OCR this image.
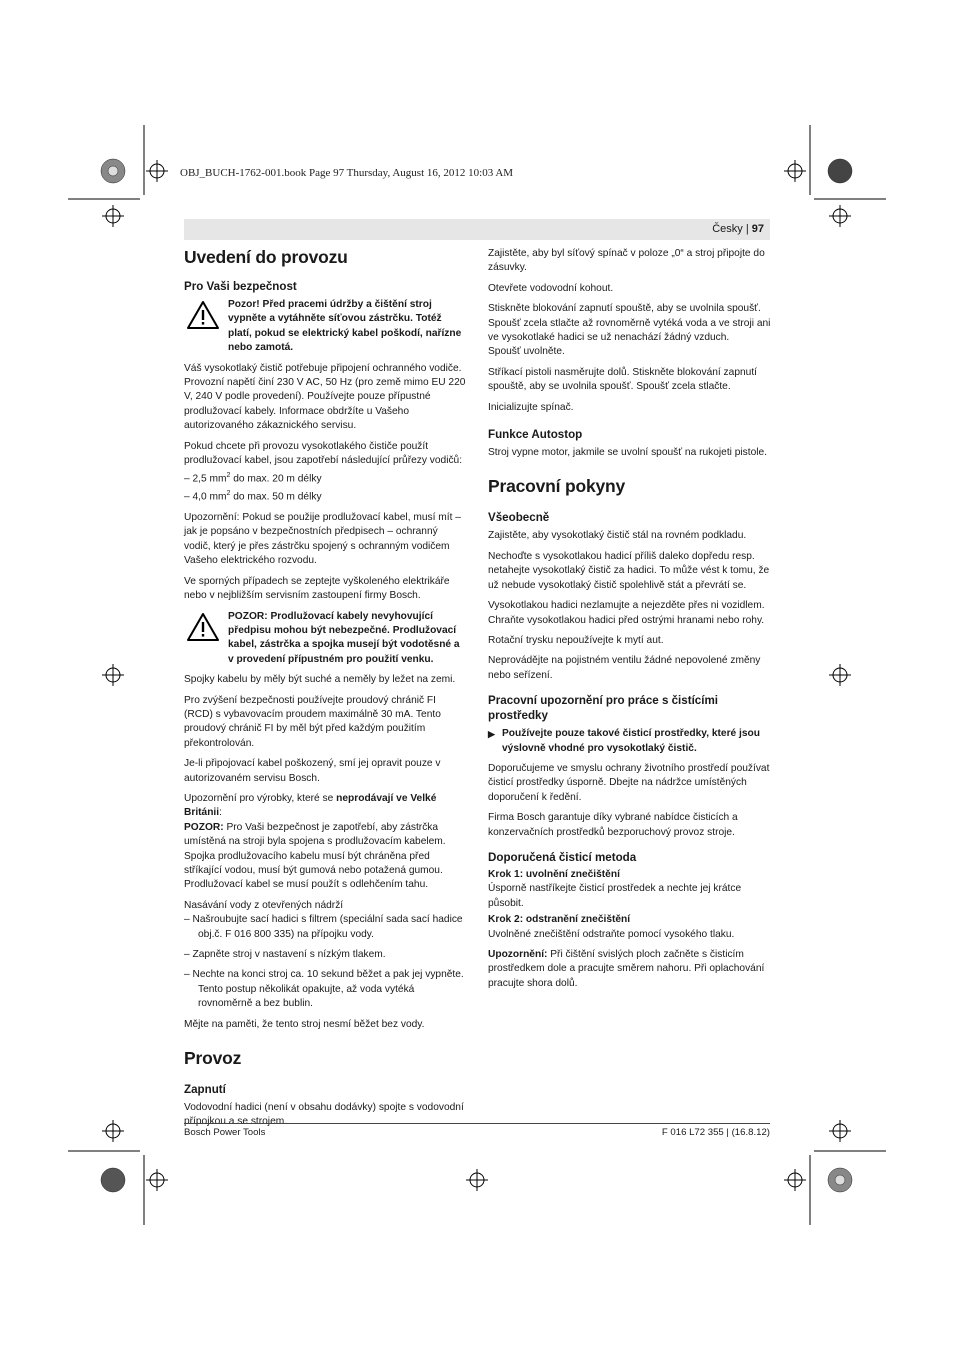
OBJ_BUCH-1762-001.book Page 97 Thursday, August 16, 2012 10:03 AM
Česky | 97
Uvedení do provozu
Pro Vaši bezpečnost
Pozor! Před pracemi údržby a čištění stroj vypněte a vytáhněte síťovou zástrčku. Totéž platí, pokud se elektrický kabel poškodí, nařízne nebo zamotá.

Váš vysokotlaký čistič potřebuje připojení ochranného vodiče. Provozní napětí činí 230 V AC, 50 Hz (pro země mimo EU 220 V, 240 V podle provedení). Používejte pouze přípustné prodlužovací kabely. Informace obdržíte u Vašeho autorizovaného zákaznického servisu.

Pokud chcete při provozu vysokotlakého čističe použít prodlužovací kabel, jsou zapotřebí následující průřezy vodičů:

– 2,5 $mm^2$ do max. 20 m délky
– 4,0 $mm^2$ do max. 50 m délky

Upozornění: Pokud se použije prodlužovací kabel, musí mít – jak je popsáno v bezpečnostních předpisech – ochranný vodič, který je přes zástrčku spojený s ochranným vodičem Vašeho elektrického rozvodu.

Ve sporných případech se zeptejte vyškoleného elektrikáře nebo v nejbližším servisním zastoupení firmy Bosch.

POZOR: Prodlužovací kabely nevyhovující předpisu mohou být nebezpečné. Prodlužovací kabel, zástrčka a spojka musejí být vodotěsné a v provedení přípustném pro použití venku.

Spojky kabelu by měly být suché a neměly by ležet na zemi.

Pro zvýšení bezpečnosti používejte proudový chránič FI (RCD) s vybavovacím proudem maximálně 30 mA. Tento proudový chránič FI by měl být před každým použitím překontrolován.

Je-li připojovací kabel poškozený, smí jej opravit pouze v autorizovaném servisu Bosch.

Upozornění pro výrobky, které se neprodávají ve Velké Británii:

POZOR: Pro Vaši bezpečnost je zapotřebí, aby zástrčka umístěná na stroji byla spojena s prodlužovacím kabelem. Spojka prodlužovacího kabelu musí být chráněna před stříkající vodou, musí být gumová nebo potažená gumou. Prodlužovací kabel se musí použít s odlehčením tahu.

Nasávání vody z otevřených nádrží

– Našroubujte sací hadici s filtrem (speciální sada sací hadice obj.č. F 016 800 335) na přípojku vody.

– Zapněte stroj v nastavení s nízkým tlakem.

– Nechte na konci stroj ca. 10 sekund běžet a pak jej vypněte. Tento postup několikát opakujte, až voda vytéká rovnoměrně a bez bublin.

Mějte na paměti, že tento stroj nesmí běžet bez vody.

Provoz
Zapnutí

Vodovodní hadici (není v obsahu dodávky) spojte s vodovodní přípojkou a se strojem.

Zajistěte, aby byl síťový spínač v poloze „0“ a stroj připojte do zásuvky.

Otevřete vodovodní kohout.

Stiskněte blokování zapnutí spouště, aby se uvolnila spoušť. Spoušť zcela stlačte až rovnoměrně vytéká voda a ve stroji ani ve vysokotlaké hadici se už nenachází žádný vzduch.

Spoušť uvolněte.

Stříkací pistoli nasměrujte dolů. Stiskněte blokování zapnutí spouště, aby se uvolnila spoušť. Spoušť zcela stlačte.

Inicializujte spínač.

Funkce Autostop

Stroj vypne motor, jakmile se uvolní spoušť na rukojeti pistole.

Pracovní pokyny
Všeobecně

Zajistěte, aby vysokotlaký čistič stál na rovném podkladu.

Nechoďte s vysokotlakou hadicí příliš daleko dopředu resp. netahejte vysokotlaký čistič za hadici. To může vést k tomu, že už nebude vysokotlaký čistič spolehlivě stát a převrátí se.

Vysokotlakou hadici nezlamujte a nejezděte přes ni vozidlem. Chraňte vysokotlakou hadici před ostrými hranami nebo rohy.

Rotační trysku nepoužívejte k mytí aut.

Neprovádějte na pojistném ventilu žádné nepovolené změny nebo seřízení.

Pracovní upozornění pro práce s čistícími prostředky
▶ Používejte pouze takové čisticí prostředky, které jsou výslovně vhodné pro vysokotlaký čistič.

Doporučujeme ve smyslu ochrany životního prostředí používat čisticí prostředky úsporně. Dbejte na nádržce umístěných doporučení k ředění.

Firma Bosch garantuje díky vybrané nabídce čisticích a konzervačních prostředků bezporuchový provoz stroje.

Doporučená čisticí metoda
Krok 1: uvolnění znečištění

Úsporně nastříkejte čisticí prostředek a nechte jej krátce působit.

Krok 2: odstranění znečištění

Uvolněné znečištění odstraňte pomocí vysokého tlaku.

Upozornění: Při čištění svislých ploch začněte s čisticím prostředkem dole a pracujte směrem nahoru. Při oplachování pracujte shora dolů.

Bosch Power Tools	F 016 L72 355 | (16.8.12)
